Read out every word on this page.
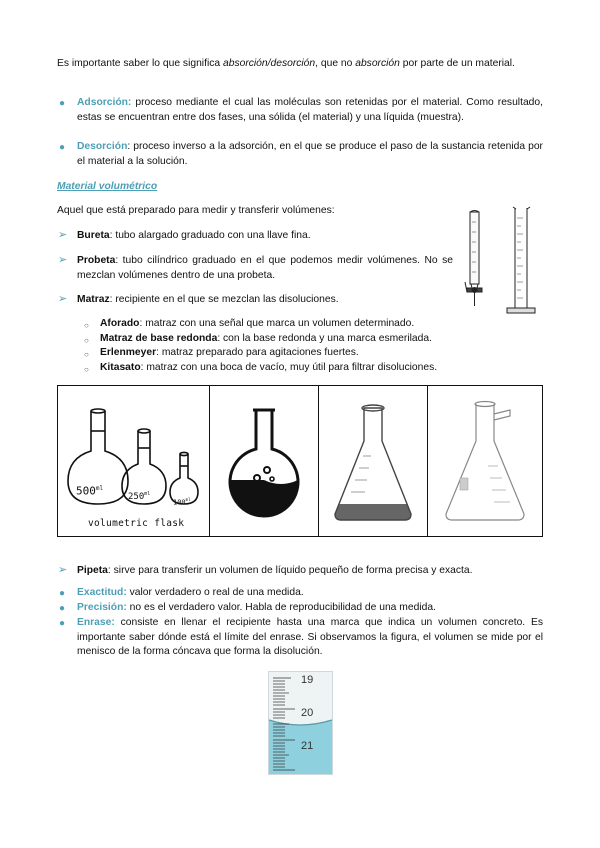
Es importante saber lo que significa absorción/desorción, que no absorción por parte de un material.
● Adsorción: proceso mediante el cual las moléculas son retenidas por el material. Como resultado, estas se encuentran entre dos fases, una sólida (el material) y una líquida (muestra).
● Desorción: proceso inverso a la adsorción, en el que se produce el paso de la sustancia retenida por el material a la solución.
Material volumétrico
Aquel que está preparado para medir y transferir volúmenes:
➢ Bureta: tubo alargado graduado con una llave fina.
➢ Probeta: tubo cilíndrico graduado en el que podemos medir volúmenes. No se mezclan volúmenes dentro de una probeta.
➢ Matraz: recipiente en el que se mezclan las disoluciones.
○ Aforado: matraz con una señal que marca un volumen determinado.
○ Matraz de base redonda: con la base redonda y una marca esmerilada.
○ Erlenmeyer: matraz preparado para agitaciones fuertes.
○ Kitasato: matraz con una boca de vacío, muy útil para filtrar disoluciones.
$500^{ml}$
$250^{ml}$
$100^{ml}$
volumetric flask
➢ Pipeta: sirve para transferir un volumen de líquido pequeño de forma precisa y exacta.
● Exactitud: valor verdadero o real de una medida.
● Precisión: no es el verdadero valor. Habla de reproducibilidad de una medida.
● Enrase: consiste en llenar el recipiente hasta una marca que indica un volumen concreto. Es importante saber dónde está el límite del enrase. Si observamos la figura, el volumen se mide por el menisco de la forma cóncava que forma la disolución.
19
20
21
